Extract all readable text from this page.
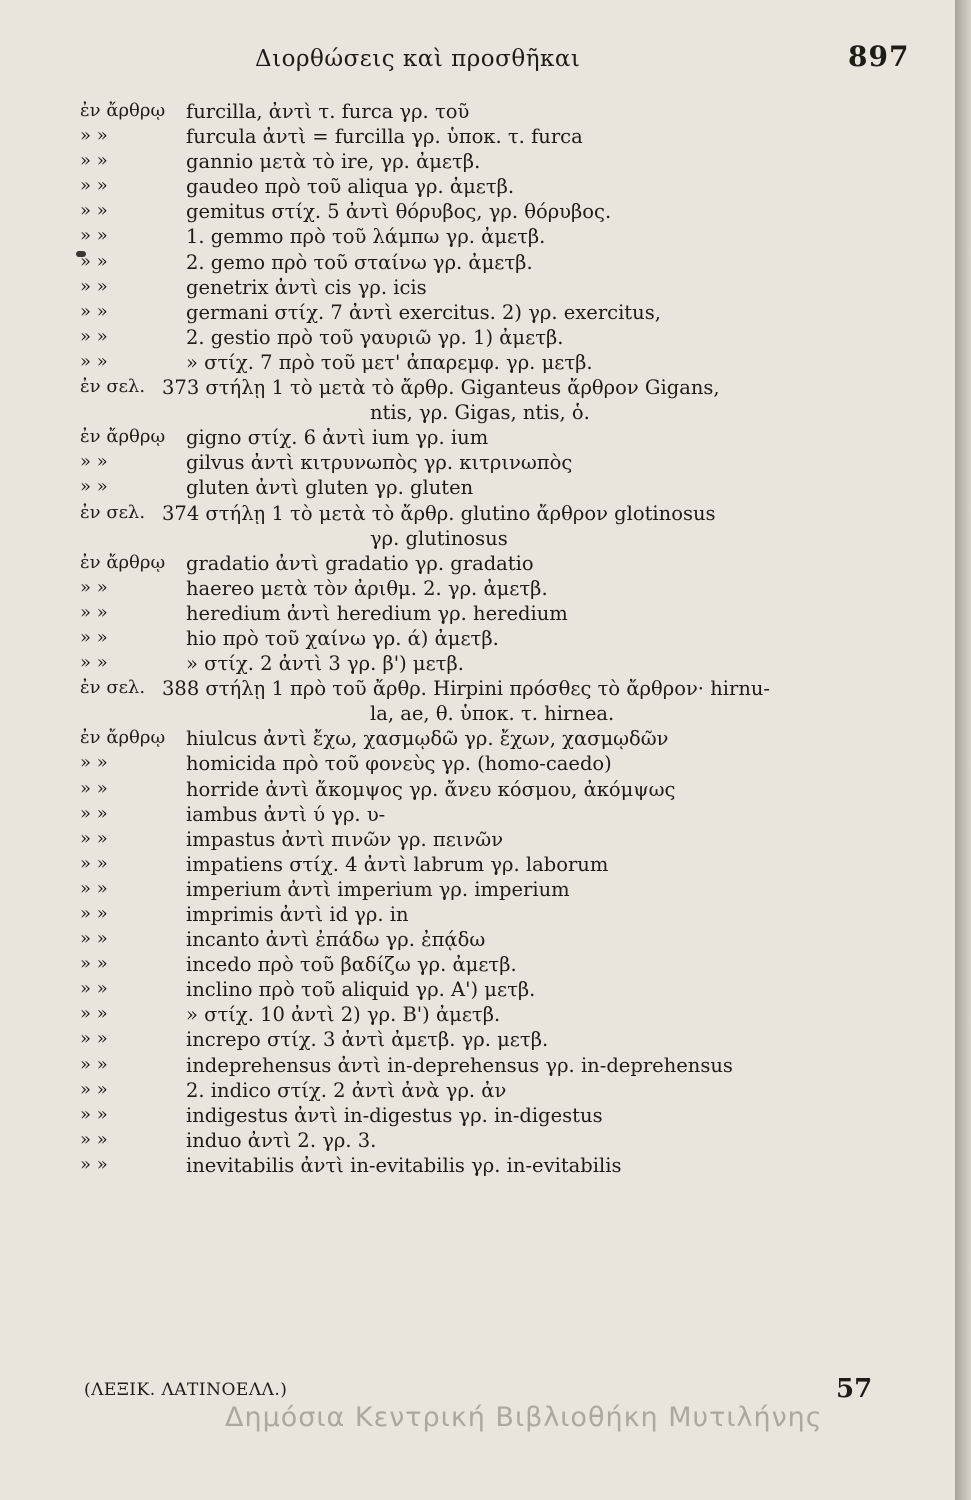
Διορθώσεις καὶ προσθῆκαι	897
ἐν ἄρθρῳ furcilla, ἀντὶ τ. furca γρ. τοῦ
» »	furcula ἀντὶ = furcilla γρ. ὑποκ. τ. furca
» »	gannio μετὰ τὸ ire, γρ. ἀμετβ.
» »	gaudeo πρὸ τοῦ aliqua γρ. ἀμετβ.
» »	gemitus στίχ. 5 ἀντὶ θόρυβος, γρ. θόρυβος.
» »	1. gemmo πρὸ τοῦ λάμπω γρ. ἀμετβ.
» »	2. gemo πρὸ τοῦ σταίνω γρ. ἀμετβ.
» »	genetrix ἀντὶ cis γρ. icis
» »	germani στίχ. 7 ἀντὶ exercitus. 2) γρ. exercitus,
» »	2. gestio πρὸ τοῦ γαυριῶ γρ. 1) ἀμετβ.
» »	» στίχ. 7 πρὸ τοῦ μετ' ἀπαρεμφ. γρ. μετβ.
ἐν σελ. 373 στήλῃ 1 τὸ μετὰ τὸ ἄρθρ. Giganteus ἄρθρον Gigans,
ntis, γρ. Gigas, ntis, ὁ.
ἐν ἄρθρῳ gigno στίχ. 6 ἀντὶ ium γρ. ium
» »	gilvus ἀντὶ κιτρυνωπὸς γρ. κιτρινωπὸς
» »	gluten ἀντὶ gluten γρ. gluten
ἐν σελ. 374 στήλῃ 1 τὸ μετὰ τὸ ἄρθρ. glutino ἄρθρον glotinosus
γρ. glutinosus
ἐν ἄρθρῳ gradatio ἀντὶ gradatio γρ. gradatio
» »	haereo μετὰ τὸν ἀριθμ. 2. γρ. ἀμετβ.
» »	heredium ἀντὶ heredium γρ. heredium
» »	hio πρὸ τοῦ χαίνω γρ. ά) ἀμετβ.
» »	» στίχ. 2 ἀντὶ 3 γρ. β') μετβ.
ἐν σελ. 388 στήλῃ 1 πρὸ τοῦ ἄρθρ. Hirpini πρόσθες τὸ ἄρθρον· hirnu-
la, ae, θ. ὑποκ. τ. hirnea.
ἐν ἄρθρῳ hiulcus ἀντὶ ἔχω, χασμῳδῶ γρ. ἔχων, χασμῳδῶν
» »	homicida πρὸ τοῦ φονεὺς γρ. (homo-caedo)
» »	horride ἀντὶ ἄκομψος γρ. ἄνευ κόσμου, ἀκόμψως
» »	iambus ἀντὶ ύ γρ. υ-
» »	impastus ἀντὶ πινῶν γρ. πεινῶν
» »	impatiens στίχ. 4 ἀντὶ labrum γρ. laborum
» »	imperium ἀντὶ imperium γρ. imperium
» »	imprimis ἀντὶ id γρ. in
» »	incanto ἀντὶ ἐπάδω γρ. ἐπᾴδω
» »	incedo πρὸ τοῦ βαδίζω γρ. ἀμετβ.
» »	inclino πρὸ τοῦ aliquid γρ. Α') μετβ.
» »	» στίχ. 10 ἀντὶ 2) γρ. Β') ἀμετβ.
» »	increpo στίχ. 3 ἀντὶ ἀμετβ. γρ. μετβ.
» »	indeprehensus ἀντὶ in-deprehensus γρ. in-deprehensus
» »	2. indico στίχ. 2 ἀντὶ ἀνὰ γρ. ἀν
» »	indigestus ἀντὶ in-digestus γρ. in-digestus
» »	induo ἀντὶ 2. γρ. 3.
» »	inevitabilis ἀντὶ in-evitabilis γρ. in-evitabilis
(ΛΕΞΙΚ. ΛΑΤΙΝΟΕΛΛ.)	57
Δημόσια Κεντρική Βιβλιοθήκη Μυτιλήνης
